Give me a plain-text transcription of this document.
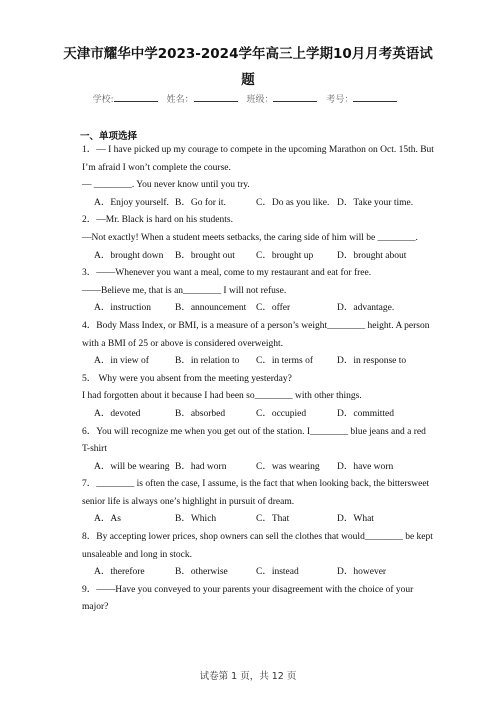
天津市耀华中学2023-2024学年高三上学期10月月考英语试
题
学校:	姓名：	班级：	考号：
一、单项选择
1．— I have picked up my courage to compete in the upcoming Marathon on Oct. 15th. But
I’m afraid I won’t complete the course.
— ________. You never know until you try.
A．Enjoy yourself. B．Go for it.	C．Do as you like. D．Take your time.
2．—Mr. Black is hard on his students.
—Not exactly! When a student meets setbacks, the caring side of him will be ________.
A．brought down	B．brought out	C．brought up	D．brought about
3．——Whenever you want a meal, come to my restaurant and eat for free.
——Believe me, that is an________ I will not refuse.
A．instruction	B．announcement	C．offer	D．advantage.
4．Body Mass Index, or BMI, is a measure of a person’s weight________ height. A person
with a BMI of 25 or above is considered overweight.
A．in view of	B．in relation to	C．in terms of	D．in response to
5． Why were you absent from the meeting yesterday?
I had forgotten about it because I had been so________ with other things.
A．devoted	B．absorbed	C．occupied	D．committed
6．You will recognize me when you get out of the station. I________ blue jeans and a red
T-shirt
A．will be wearing B．had worn	C．was wearing	D．have worn
7．________ is often the case, I assume, is the fact that when looking back, the bittersweet
senior life is always one’s highlight in pursuit of dream.
A．As	B．Which	C．That	D．What
8．By accepting lower prices, shop owners can sell the clothes that would________ be kept
unsaleable and long in stock.
A．therefore	B．otherwise	C．instead	D．however
9．——Have you conveyed to your parents your disagreement with the choice of your
major?
试卷第 1 页，共 12 页
